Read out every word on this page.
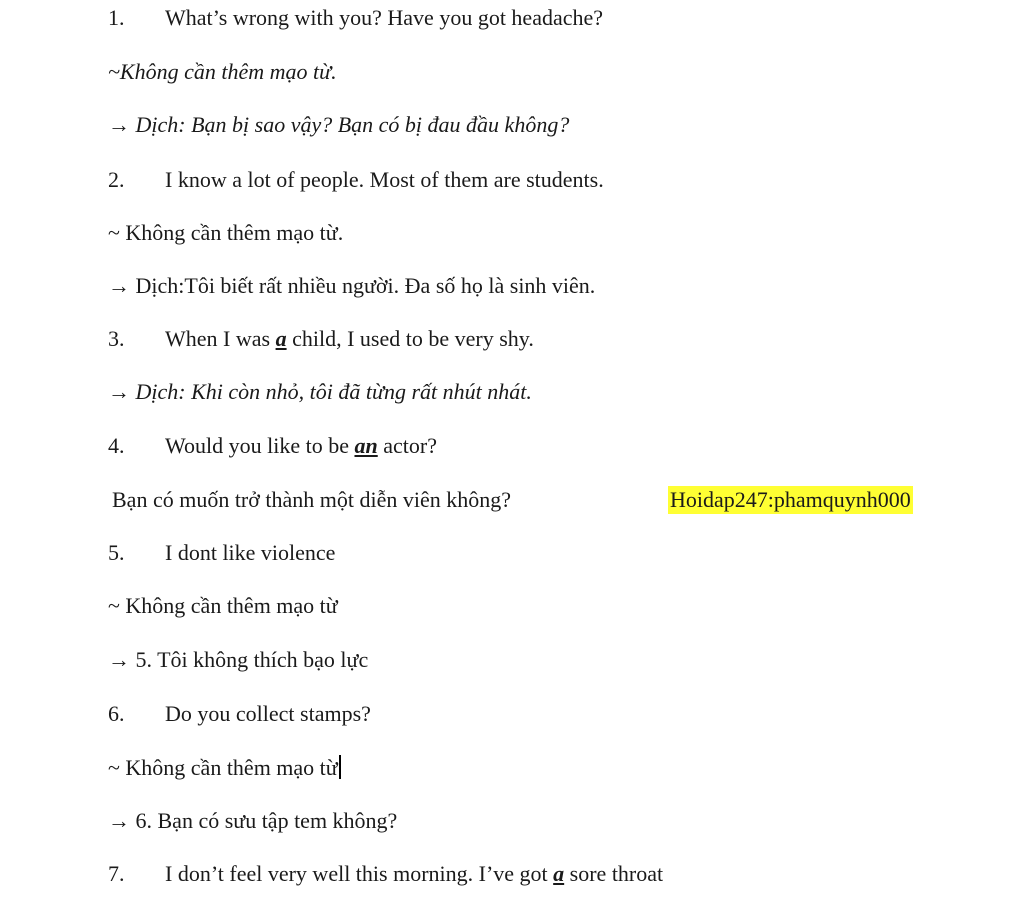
1. What’s wrong with you? Have you got headache?
~Không cần thêm mạo từ.
→ Dịch: Bạn bị sao vậy? Bạn có bị đau đầu không?
2. I know a lot of people. Most of them are students.
~ Không cần thêm mạo từ.
→ Dịch:Tôi biết rất nhiều người. Đa số họ là sinh viên.
3. When I was a child, I used to be very shy.
→ Dịch: Khi còn nhỏ, tôi đã từng rất nhút nhát.
4. Would you like to be an actor?
Bạn có muốn trở thành một diễn viên không?	Hoidap247:phamquynh000
5. I dont like violence
~ Không cần thêm mạo từ
→ 5. Tôi không thích bạo lực
6. Do you collect stamps?
~ Không cần thêm mạo từ
→ 6. Bạn có sưu tập tem không?
7. I don’t feel very well this morning. I’ve got a sore throat
